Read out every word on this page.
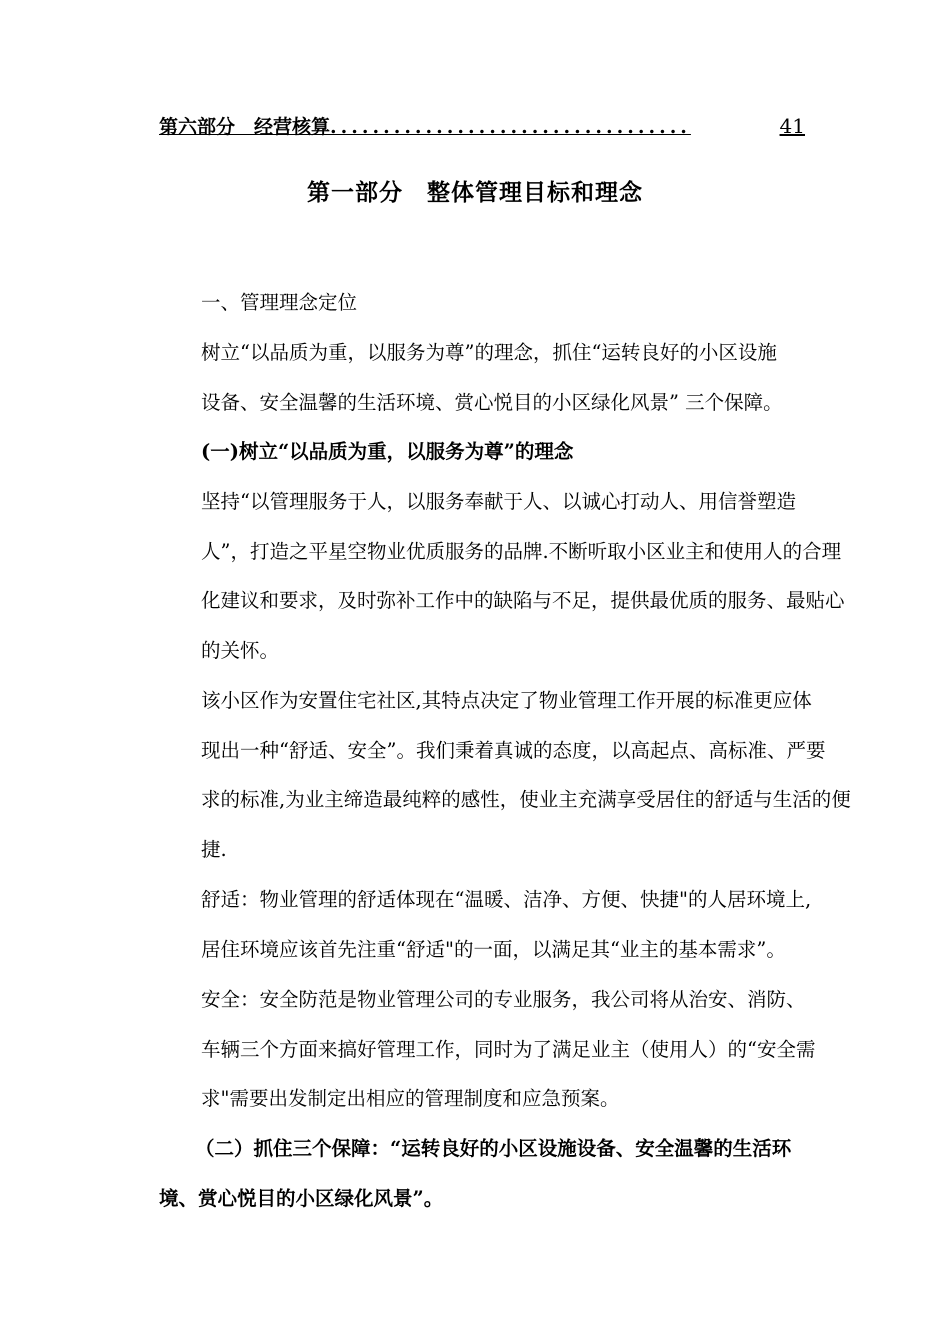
第六部分　经营核算 ..................................	41
第一部分　整体管理目标和理念

一、管理理念定位

树立“以品质为重，以服务为尊”的理念，抓住“运转良好的小区设施
设备、安全温馨的生活环境、赏心悦目的小区绿化风景” 三个保障。

(一)树立“以品质为重，以服务为尊”的理念

坚持“以管理服务于人，以服务奉献于人、以诚心打动人、用信誉塑造
人”，打造之平星空物业优质服务的品牌.不断听取小区业主和使用人的合理
化建议和要求，及时弥补工作中的缺陷与不足，提供最优质的服务、最贴心
的关怀。

该小区作为安置住宅社区,其特点决定了物业管理工作开展的标准更应体
现出一种“舒适、安全”。我们秉着真诚的态度，以高起点、高标准、严要
求的标准,为业主缔造最纯粹的感性，使业主充满享受居住的舒适与生活的便
捷.

舒适：物业管理的舒适体现在“温暖、洁净、方便、快捷"的人居环境上,
居住环境应该首先注重“舒适"的一面，以满足其“业主的基本需求”。

安全：安全防范是物业管理公司的专业服务，我公司将从治安、消防、
车辆三个方面来搞好管理工作，同时为了满足业主（使用人）的“安全需
求"需要出发制定出相应的管理制度和应急预案。

（二）抓住三个保障：“运转良好的小区设施设备、安全温馨的生活环
境、赏心悦目的小区绿化风景”。
